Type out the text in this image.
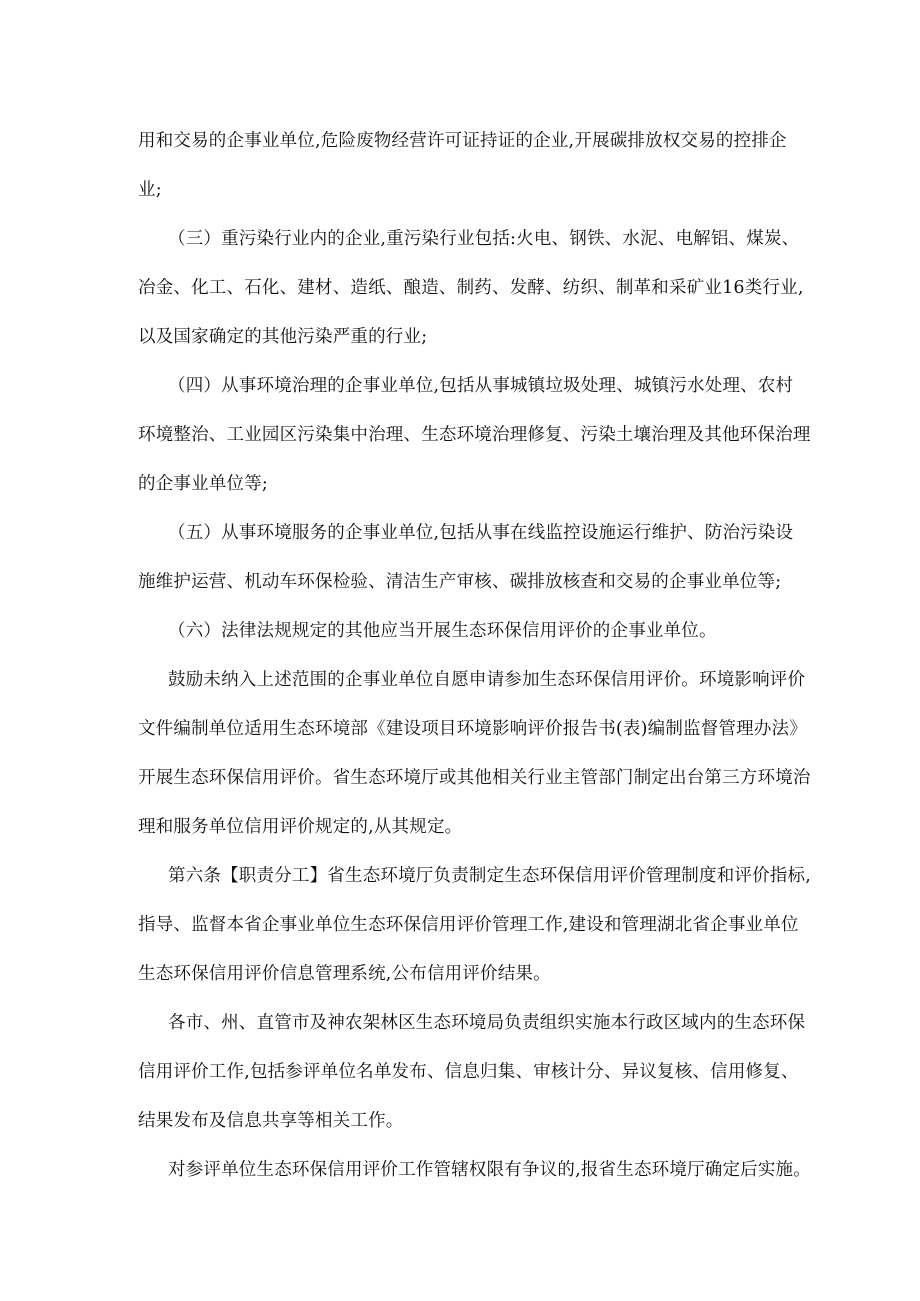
用和交易的企事业单位,危险废物经营许可证持证的企业,开展碳排放权交易的控排企
业;
（三）重污染行业内的企业,重污染行业包括:火电、钢铁、水泥、电解铝、煤炭、
冶金、化工、石化、建材、造纸、酿造、制药、发酵、纺织、制革和采矿业16类行业,
以及国家确定的其他污染严重的行业;
（四）从事环境治理的企事业单位,包括从事城镇垃圾处理、城镇污水处理、农村
环境整治、工业园区污染集中治理、生态环境治理修复、污染土壤治理及其他环保治理
的企事业单位等;
（五）从事环境服务的企事业单位,包括从事在线监控设施运行维护、防治污染设
施维护运营、机动车环保检验、清洁生产审核、碳排放核查和交易的企事业单位等;
（六）法律法规规定的其他应当开展生态环保信用评价的企事业单位。
鼓励未纳入上述范围的企事业单位自愿申请参加生态环保信用评价。环境影响评价
文件编制单位适用生态环境部《建设项目环境影响评价报告书(表)编制监督管理办法》
开展生态环保信用评价。省生态环境厅或其他相关行业主管部门制定出台第三方环境治
理和服务单位信用评价规定的,从其规定。
第六条【职责分工】省生态环境厅负责制定生态环保信用评价管理制度和评价指标,
指导、监督本省企事业单位生态环保信用评价管理工作,建设和管理湖北省企事业单位
生态环保信用评价信息管理系统,公布信用评价结果。
各市、州、直管市及神农架林区生态环境局负责组织实施本行政区域内的生态环保
信用评价工作,包括参评单位名单发布、信息归集、审核计分、异议复核、信用修复、
结果发布及信息共享等相关工作。
对参评单位生态环保信用评价工作管辖权限有争议的,报省生态环境厅确定后实施。
